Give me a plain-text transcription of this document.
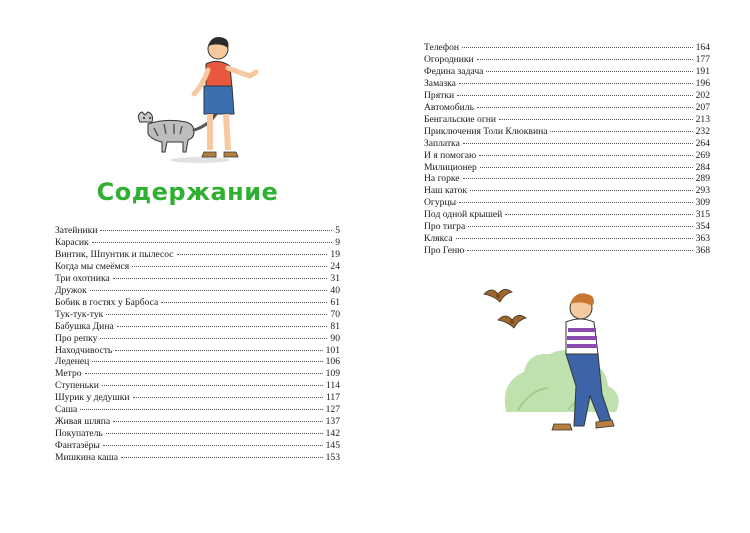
Содержание
Затейники	5
Карасик	9
Винтик, Шпунтик и пылесос	19
Когда мы смеёмся	24
Три охотника	31
Дружок	40
Бобик в гостях у Барбоса	61
Тук-тук-тук	70
Бабушка Дина	81
Про репку	90
Находчивость	101
Леденец	106
Метро	109
Ступеньки	114
Шурик у дедушки	117
Саша	127
Живая шляпа	137
Покупатель	142
Фантазёры	145
Мишкина каша	153
Телефон	164
Огородники	177
Федина задача	191
Замазка	196
Прятки	202
Автомобиль	207
Бенгальские огни	213
Приключения Толи Клюквина	232
Заплатка	264
И я помогаю	269
Милиционер	284
На горке	289
Наш каток	293
Огурцы	309
Под одной крышей	315
Про тигра	354
Клякса	363
Про Геню	368
